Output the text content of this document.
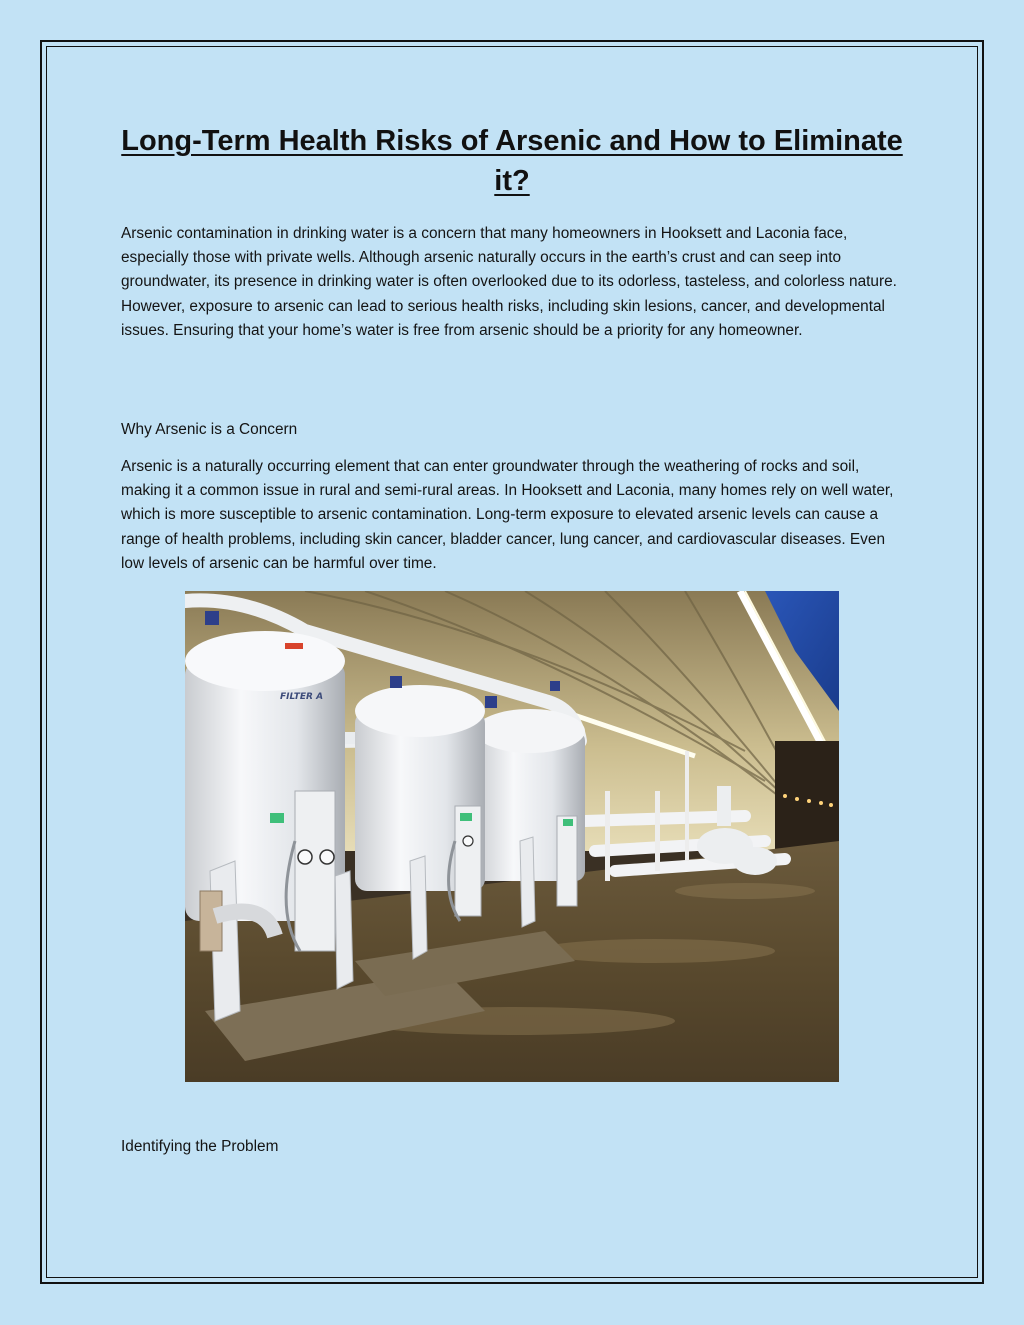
Long-Term Health Risks of Arsenic and How to Eliminate it?

Arsenic contamination in drinking water is a concern that many homeowners in Hooksett and Laconia face, especially those with private wells. Although arsenic naturally occurs in the earth’s crust and can seep into groundwater, its presence in drinking water is often overlooked due to its odorless, tasteless, and colorless nature. However, exposure to arsenic can lead to serious health risks, including skin lesions, cancer, and developmental issues. Ensuring that your home’s water is free from arsenic should be a priority for any homeowner.

Why Arsenic is a Concern

Arsenic is a naturally occurring element that can enter groundwater through the weathering of rocks and soil, making it a common issue in rural and semi-rural areas. In Hooksett and Laconia, many homes rely on well water, which is more susceptible to arsenic contamination. Long-term exposure to elevated arsenic levels can cause a range of health problems, including skin cancer, bladder cancer, lung cancer, and cardiovascular diseases. Even low levels of arsenic can be harmful over time.

FILTER A

Identifying the Problem
